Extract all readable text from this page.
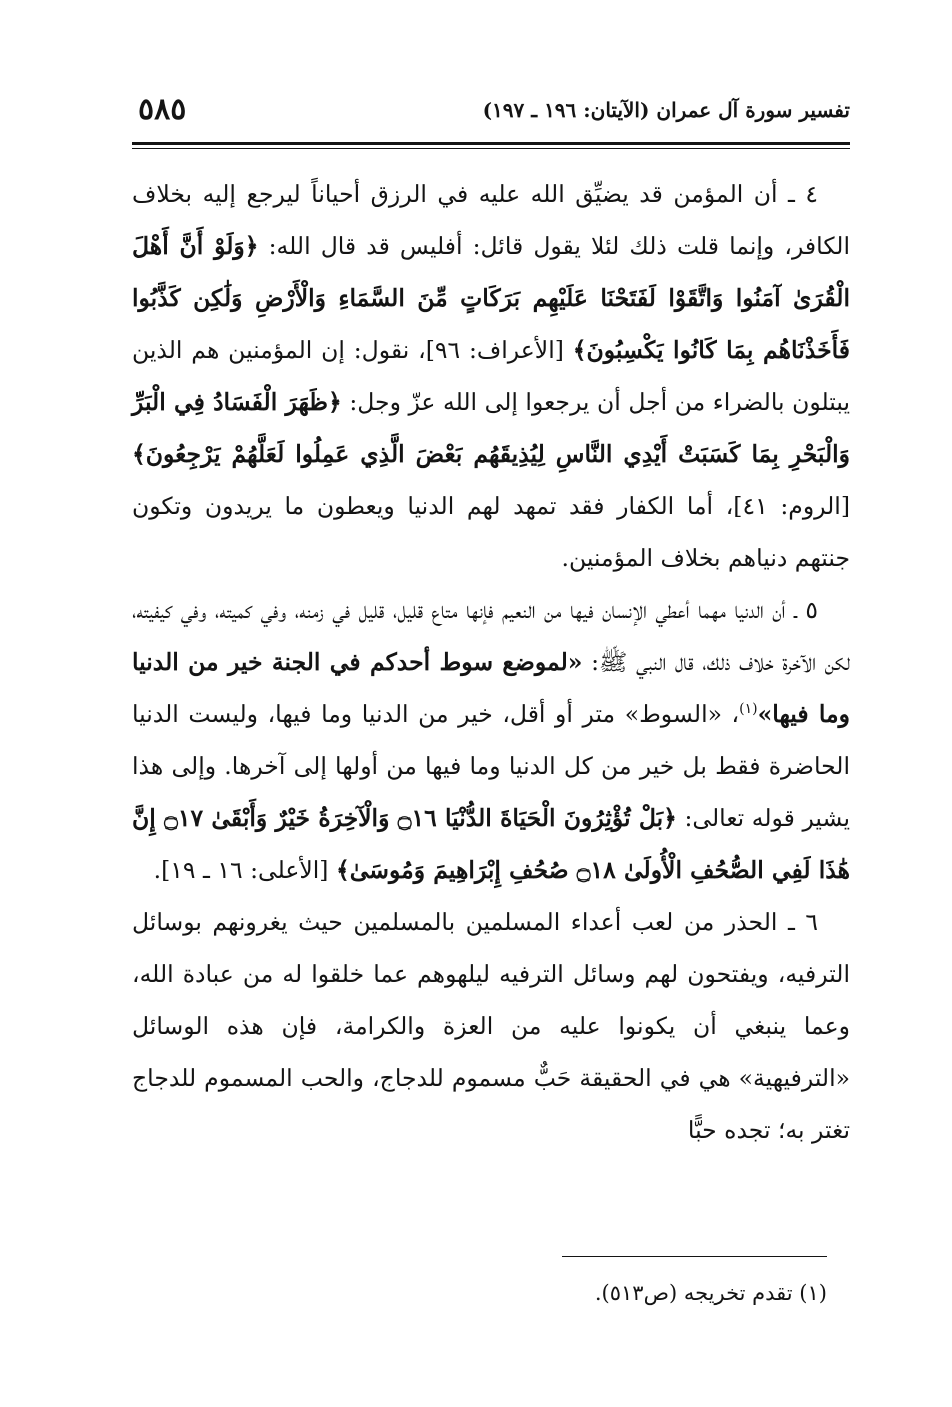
تفسير سورة آل عمران (الآيتان: ١٩٦ ـ ١٩٧)
٥٨٥

٤ ـ أن المؤمن قد يضيِّق الله عليه في الرزق أحياناً ليرجع إليه بخلاف الكافر، وإنما قلت ذلك لئلا يقول قائل: أفليس قد قال الله: ﴿وَلَوْ أَنَّ أَهْلَ الْقُرَىٰ آمَنُوا وَاتَّقَوْا لَفَتَحْنَا عَلَيْهِم بَرَكَاتٍ مِّنَ السَّمَاءِ وَالْأَرْضِ وَلَٰكِن كَذَّبُوا فَأَخَذْنَاهُم بِمَا كَانُوا يَكْسِبُونَ﴾ [الأعراف: ٩٦]، نقول: إن المؤمنين هم الذين يبتلون بالضراء من أجل أن يرجعوا إلى الله عزّ وجل: ﴿ظَهَرَ الْفَسَادُ فِي الْبَرِّ وَالْبَحْرِ بِمَا كَسَبَتْ أَيْدِي النَّاسِ لِيُذِيقَهُم بَعْضَ الَّذِي عَمِلُوا لَعَلَّهُمْ يَرْجِعُونَ﴾ [الروم: ٤١]، أما الكفار فقد تمهد لهم الدنيا ويعطون ما يريدون وتكون جنتهم دنياهم بخلاف المؤمنين.

٥ ـ أن الدنيا مهما أعطي الإنسان فيها من النعيم فإنها متاع قليل، قليل في زمنه، وفي كميته، وفي كيفيته، لكن الآخرة خلاف ذلك، قال النبي ﷺ: «لموضع سوط أحدكم في الجنة خير من الدنيا وما فيها»$^{(١)}$، «السوط» متر أو أقل، خير من الدنيا وما فيها، وليست الدنيا الحاضرة فقط بل خير من كل الدنيا وما فيها من أولها إلى آخرها. وإلى هذا يشير قوله تعالى: ﴿بَلْ تُؤْثِرُونَ الْحَيَاةَ الدُّنْيَا ۝١٦ وَالْآخِرَةُ خَيْرٌ وَأَبْقَىٰ ۝١٧ إِنَّ هَٰذَا لَفِي الصُّحُفِ الْأُولَىٰ ۝١٨ صُحُفِ إِبْرَاهِيمَ وَمُوسَىٰ﴾ [الأعلى: ١٦ ـ ١٩].

٦ ـ الحذر من لعب أعداء المسلمين بالمسلمين حيث يغرونهم بوسائل الترفيه، ويفتحون لهم وسائل الترفيه ليلهوهم عما خلقوا له من عبادة الله، وعما ينبغي أن يكونوا عليه من العزة والكرامة، فإن هذه الوسائل «الترفيهية» هي في الحقيقة حَبٌّ مسموم للدجاج، والحب المسموم للدجاج تغتر به؛ تجده حبًّا

(١) تقدم تخريجه (ص٥١٣).
